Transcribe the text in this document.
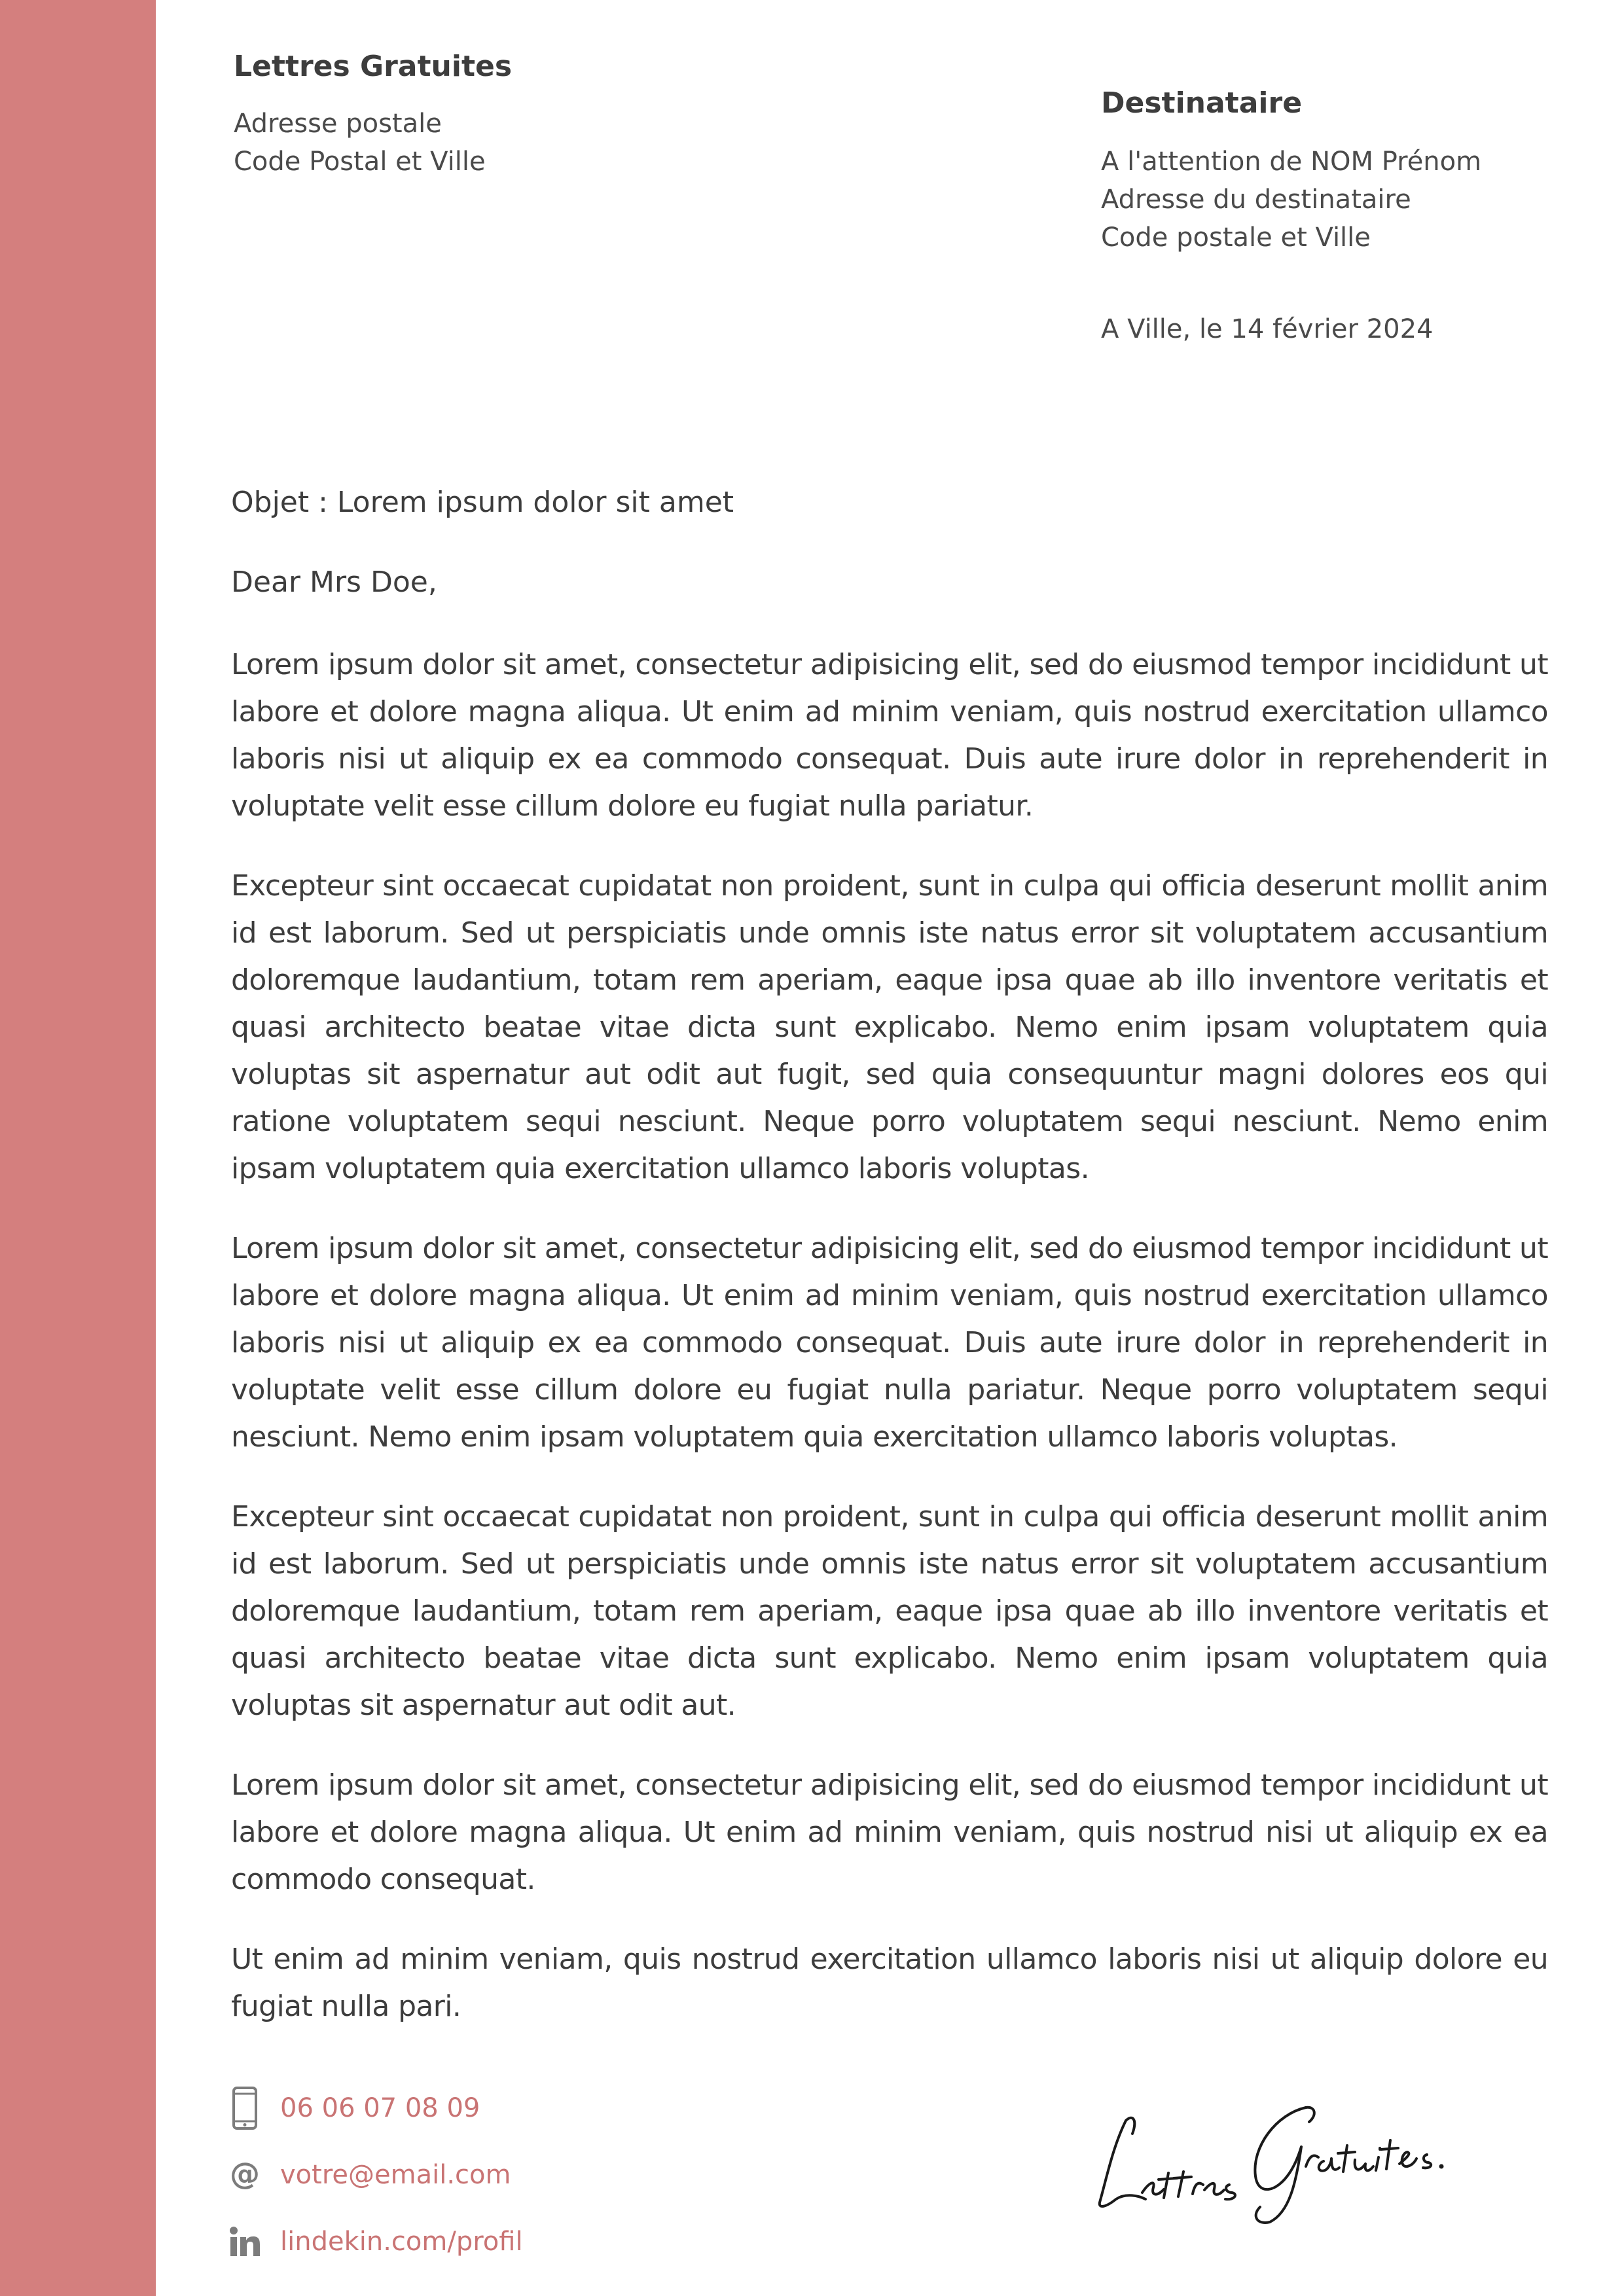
Lettres Gratuites
Adresse postale
Code Postal et Ville
Destinataire
A l'attention de NOM Prénom
Adresse du destinataire
Code postale et Ville
A Ville, le 14 février 2024
Objet : Lorem ipsum dolor sit amet
Dear Mrs Doe,

Lorem ipsum dolor sit amet, consectetur adipisicing elit, sed do eiusmod tempor incididunt ut labore et dolore magna aliqua. Ut enim ad minim veniam, quis nostrud exercitation ullamco laboris nisi ut aliquip ex ea commodo consequat. Duis aute irure dolor in reprehenderit in voluptate velit esse cillum dolore eu fugiat nulla pariatur.

Excepteur sint occaecat cupidatat non proident, sunt in culpa qui officia deserunt mollit anim id est laborum. Sed ut perspiciatis unde omnis iste natus error sit voluptatem accusantium doloremque laudantium, totam rem aperiam, eaque ipsa quae ab illo inventore veritatis et quasi architecto beatae vitae dicta sunt explicabo. Nemo enim ipsam voluptatem quia voluptas sit aspernatur aut odit aut fugit, sed quia consequuntur magni dolores eos qui ratione voluptatem sequi nesciunt. Neque porro voluptatem sequi nesciunt. Nemo enim ipsam voluptatem quia exercitation ullamco laboris voluptas.

Lorem ipsum dolor sit amet, consectetur adipisicing elit, sed do eiusmod tempor incididunt ut labore et dolore magna aliqua. Ut enim ad minim veniam, quis nostrud exercitation ullamco laboris nisi ut aliquip ex ea commodo consequat. Duis aute irure dolor in reprehenderit in voluptate velit esse cillum dolore eu fugiat nulla pariatur. Neque porro voluptatem sequi nesciunt. Nemo enim ipsam voluptatem quia exercitation ullamco laboris voluptas.

Excepteur sint occaecat cupidatat non proident, sunt in culpa qui officia deserunt mollit anim id est laborum. Sed ut perspiciatis unde omnis iste natus error sit voluptatem accusantium doloremque laudantium, totam rem aperiam, eaque ipsa quae ab illo inventore veritatis et quasi architecto beatae vitae dicta sunt explicabo. Nemo enim ipsam voluptatem quia voluptas sit aspernatur aut odit aut.

Lorem ipsum dolor sit amet, consectetur adipisicing elit, sed do eiusmod tempor incididunt ut labore et dolore magna aliqua. Ut enim ad minim veniam, quis nostrud nisi ut aliquip ex ea commodo consequat.

Ut enim ad minim veniam, quis nostrud exercitation ullamco laboris nisi ut aliquip dolore eu fugiat nulla pari.

06 06 07 08 09
@ votre@email.com
lindekin.com/profil
